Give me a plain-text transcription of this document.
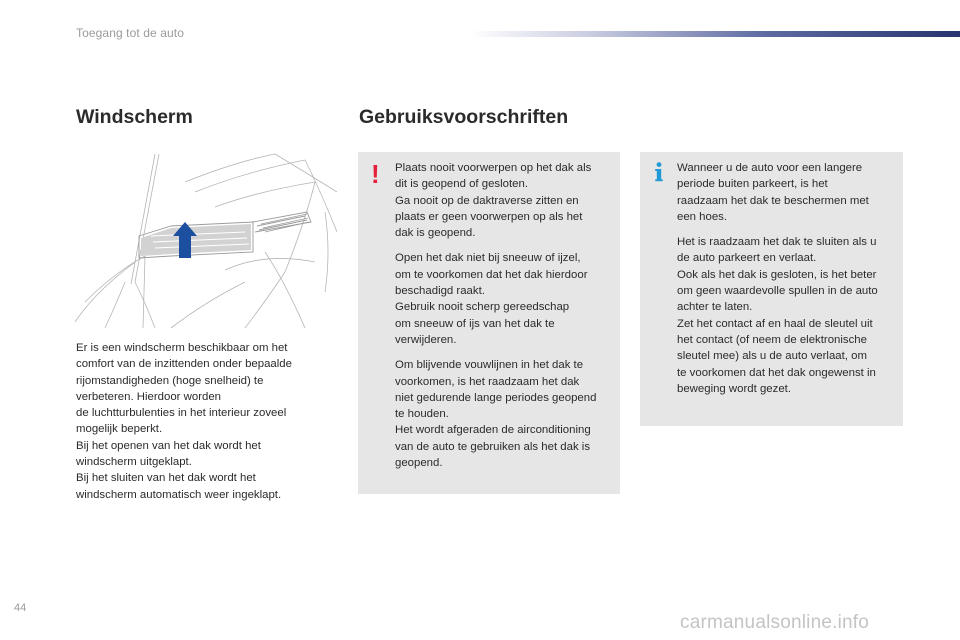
Toegang tot de auto
Windscherm	Gebruiksvoorschriften

Er is een windscherm beschikbaar om het

comfort van de inzittenden onder bepaalde

rijomstandigheden (hoge snelheid) te

verbeteren. Hierdoor worden

de luchtturbulenties in het interieur zoveel

mogelijk beperkt.

Bij het openen van het dak wordt het

windscherm uitgeklapt.

Bij het sluiten van het dak wordt het

windscherm automatisch weer ingeklapt.

! Plaats nooit voorwerpen op het dak als

dit is geopend of gesloten.

Ga nooit op de daktraverse zitten en

plaats er geen voorwerpen op als het

dak is geopend.

Open het dak niet bij sneeuw of ijzel,

om te voorkomen dat het dak hierdoor

beschadigd raakt.

Gebruik nooit scherp gereedschap

om sneeuw of ijs van het dak te

verwijderen.

Om blijvende vouwlijnen in het dak te

voorkomen, is het raadzaam het dak

niet gedurende lange periodes geopend

te houden.

Het wordt afgeraden de airconditioning

van de auto te gebruiken als het dak is

geopend.

Wanneer u de auto voor een langere

periode buiten parkeert, is het

raadzaam het dak te beschermen met

een hoes.

Het is raadzaam het dak te sluiten als u

de auto parkeert en verlaat.

Ook als het dak is gesloten, is het beter

om geen waardevolle spullen in de auto

achter te laten.

Zet het contact af en haal de sleutel uit

het contact (of neem de elektronische

sleutel mee) als u de auto verlaat, om

te voorkomen dat het dak ongewenst in

beweging wordt gezet.

44
carmanualsonline.info
